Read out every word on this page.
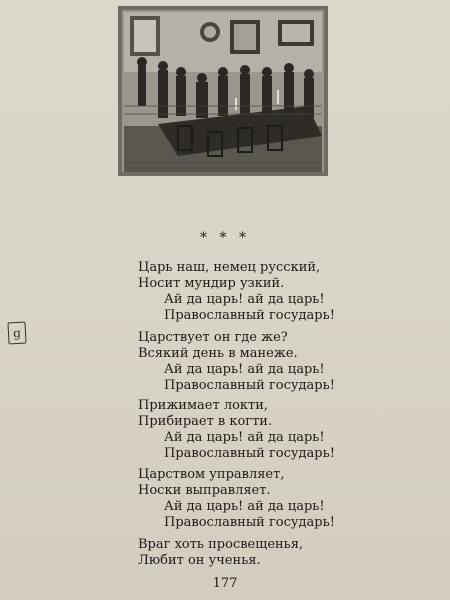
* * *
g
Царь наш, немец русский,
Носит мундир узкий.
Ай да царь! ай да царь!
Православный государь!
Царствует он где же?
Всякий день в манеже.
Ай да царь! ай да царь!
Православный государь!
Прижимает локти,
Прибирает в когти.
Ай да царь! ай да царь!
Православный государь!
Царством управляет,
Носки выправляет.
Ай да царь! ай да царь!
Православный государь!
Враг хоть просвещенья,
Любит он ученья.
177
